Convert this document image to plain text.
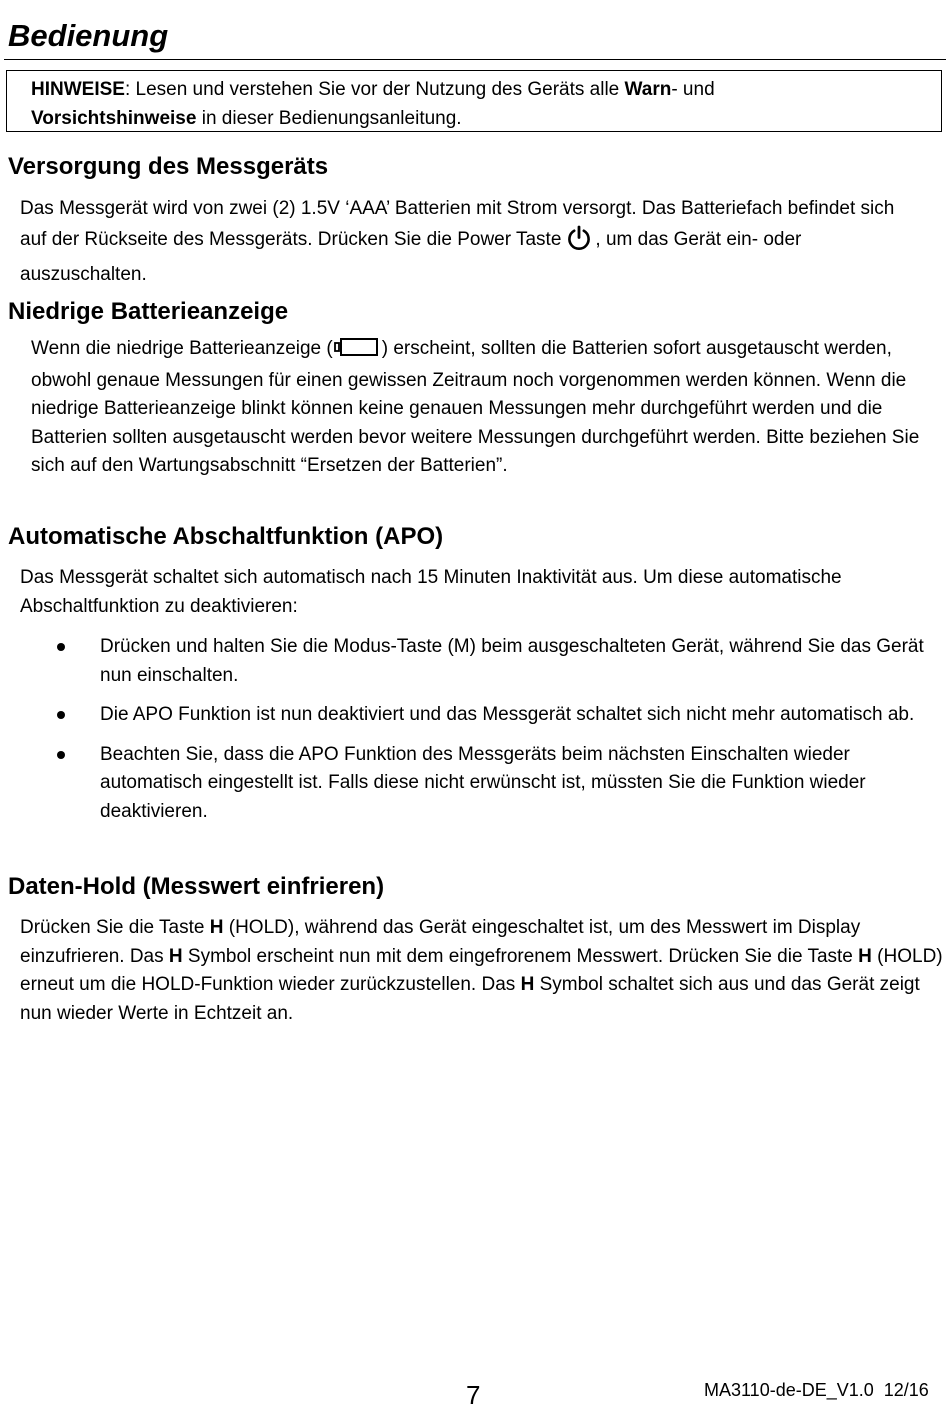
Bedienung
HINWEISE: Lesen und verstehen Sie vor der Nutzung des Geräts alle Warn- und
Vorsichtshinweise in dieser Bedienungsanleitung.
Versorgung des Messgeräts

Das Messgerät wird von zwei (2) 1.5V ‘AAA’ Batterien mit Strom versorgt. Das Batteriefach befindet sich auf der Rückseite des Messgeräts. Drücken Sie die Power Taste , um das Gerät ein- oder auszuschalten.

Niedrige Batterieanzeige

Wenn die niedrige Batterieanzeige (	) erscheint, sollten die Batterien sofort ausgetauscht werden, obwohl genaue Messungen für einen gewissen Zeitraum noch vorgenommen werden können. Wenn die niedrige Batterieanzeige blinkt können keine genauen Messungen mehr durchgeführt werden und die Batterien sollten ausgetauscht werden bevor weitere Messungen durchgeführt werden. Bitte beziehen Sie sich auf den Wartungsabschnitt “Ersetzen der Batterien”.

Automatische Abschaltfunktion (APO)

Das Messgerät schaltet sich automatisch nach 15 Minuten Inaktivität aus. Um diese automatische Abschaltfunktion zu deaktivieren:

Drücken und halten Sie die Modus-Taste (M) beim ausgeschalteten Gerät, während Sie das Gerät nun einschalten.
Die APO Funktion ist nun deaktiviert und das Messgerät schaltet sich nicht mehr automatisch ab.
Beachten Sie, dass die APO Funktion des Messgeräts beim nächsten Einschalten wieder automatisch eingestellt ist. Falls diese nicht erwünscht ist, müssten Sie die Funktion wieder deaktivieren.
Daten-Hold (Messwert einfrieren)

Drücken Sie die Taste H (HOLD), während das Gerät eingeschaltet ist, um des Messwert im Display einzufrieren. Das H Symbol erscheint nun mit dem eingefrorenem Messwert. Drücken Sie die Taste H (HOLD) erneut um die HOLD-Funktion wieder zurückzustellen. Das H Symbol schaltet sich aus und das Gerät zeigt nun wieder Werte in Echtzeit an.

7	MA3110-de-DE_V1.0  12/16
